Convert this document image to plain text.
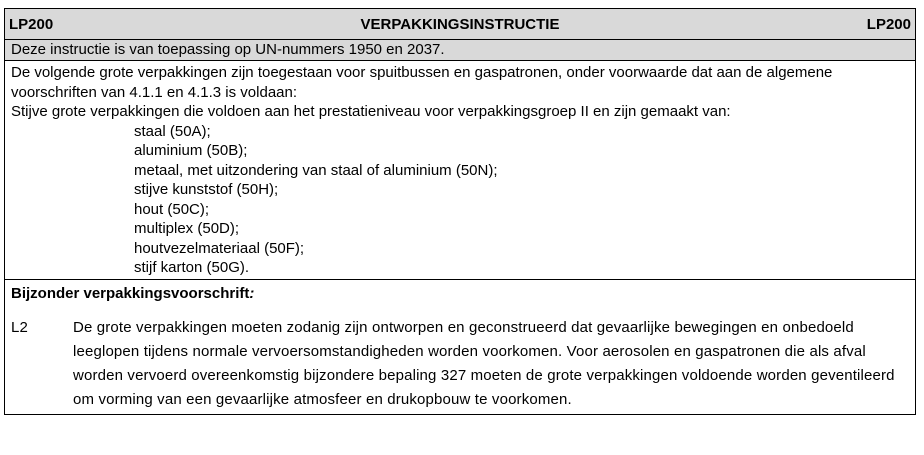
LP200	VERPAKKINGSINSTRUCTIE	LP200
Deze instructie is van toepassing op UN-nummers 1950 en 2037.
De volgende grote verpakkingen zijn toegestaan voor spuitbussen en gaspatronen, onder voorwaarde dat aan de algemene
voorschriften van 4.1.1 en 4.1.3 is voldaan:
Stijve grote verpakkingen die voldoen aan het prestatieniveau voor verpakkingsgroep II en zijn gemaakt van:
staal (50A);
aluminium (50B);
metaal, met uitzondering van staal of aluminium (50N);
stijve kunststof (50H);
hout (50C);
multiplex (50D);
houtvezelmateriaal (50F);
stijf karton (50G).
Bijzonder verpakkingsvoorschrift:
L2	De grote verpakkingen moeten zodanig zijn ontworpen en geconstrueerd dat gevaarlijke bewegingen en onbedoeld leeglopen tijdens normale vervoersomstandigheden worden voorkomen. Voor aerosolen en gaspatronen die als afval worden vervoerd overeenkomstig bijzondere bepaling 327 moeten de grote verpakkingen voldoende worden geventileerd om vorming van een gevaarlijke atmosfeer en drukopbouw te voorkomen.
